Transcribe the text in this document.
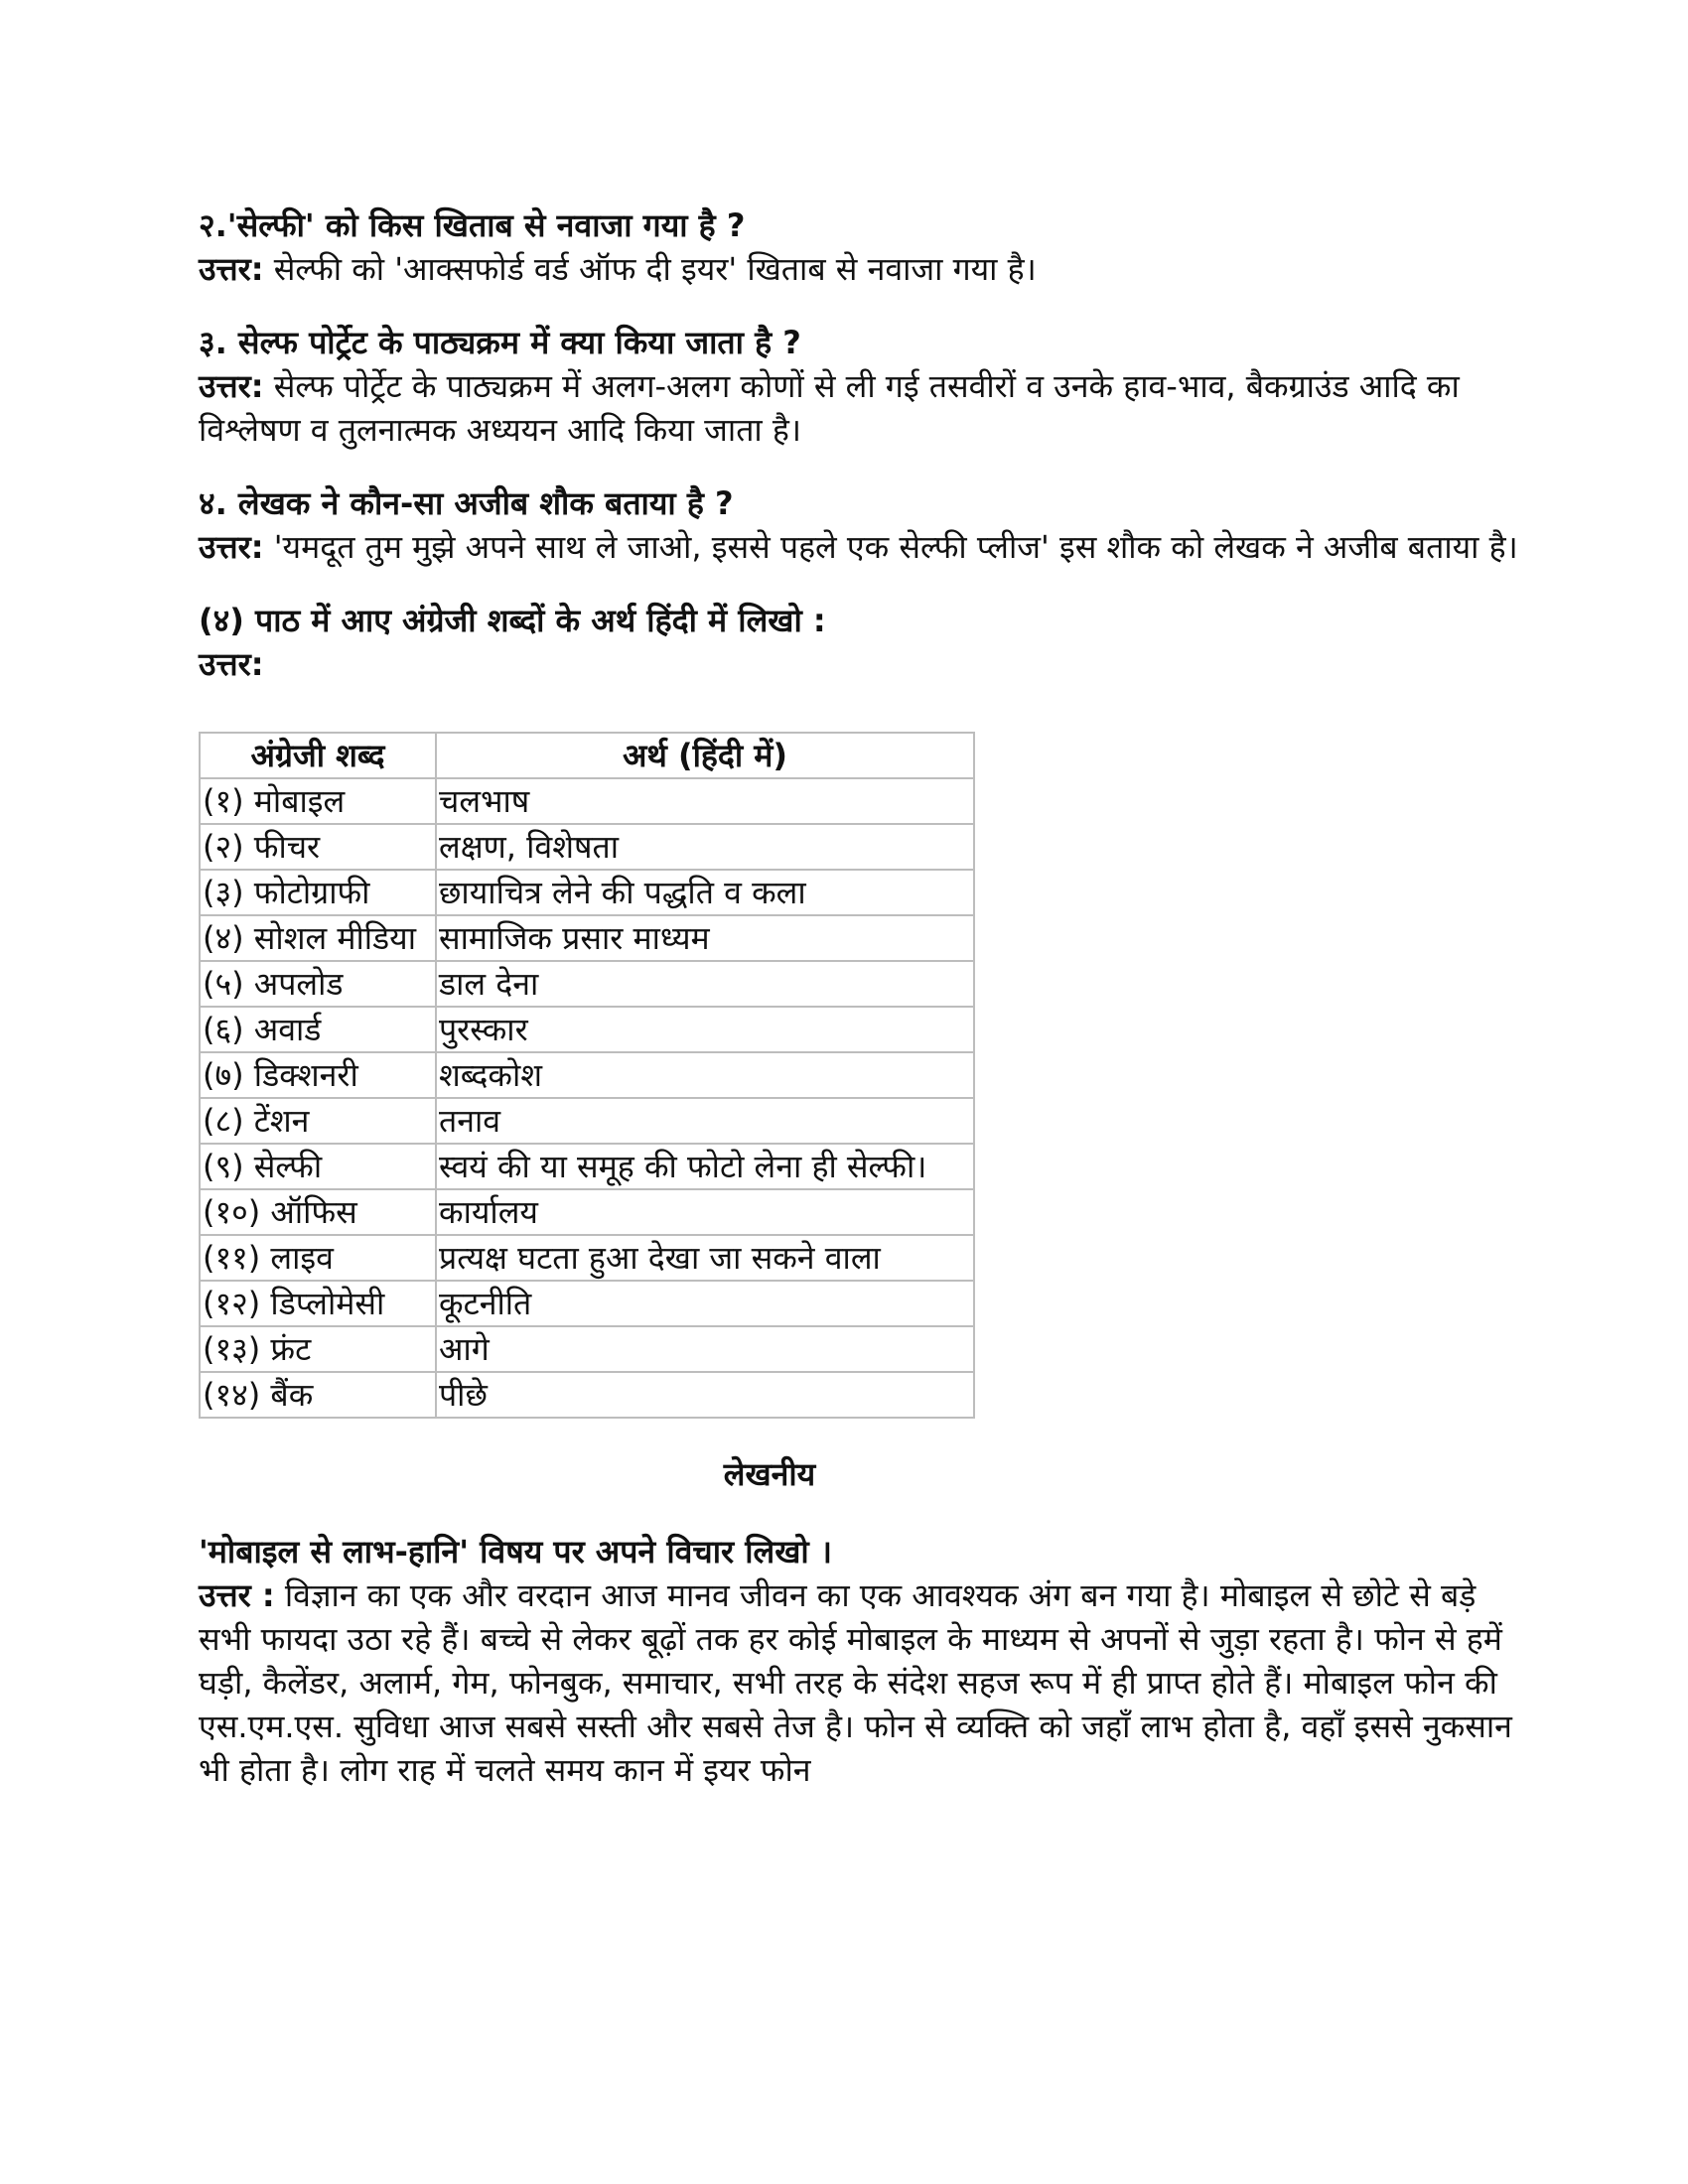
२.'सेल्फी' को किस खिताब से नवाजा गया है ?
उत्तर: सेल्फी को 'आक्सफोर्ड वर्ड ऑफ दी इयर' खिताब से नवाजा गया है।
३. सेल्फ पोर्ट्रेट के पाठ्यक्रम में क्या किया जाता है ?
उत्तर: सेल्फ पोर्ट्रेट के पाठ्यक्रम में अलग-अलग कोणों से ली गई तसवीरों व उनके हाव-भाव, बैकग्राउंड आदि का विश्लेषण व तुलनात्मक अध्ययन आदि किया जाता है।
४. लेखक ने कौन-सा अजीब शौक बताया है ?
उत्तर: 'यमदूत तुम मुझे अपने साथ ले जाओ, इससे पहले एक सेल्फी प्लीज' इस शौक को लेखक ने अजीब बताया है।
(४) पाठ में आए अंग्रेजी शब्दों के अर्थ हिंदी में लिखो :
उत्तर:
अंग्रेजी शब्द	अर्थ (हिंदी में)
(१) मोबाइल	चलभाष
(२) फीचर	लक्षण, विशेषता
(३) फोटोग्राफी	छायाचित्र लेने की पद्धति व कला
(४) सोशल मीडिया	सामाजिक प्रसार माध्यम
(५) अपलोड	डाल देना
(६) अवार्ड	पुरस्कार
(७) डिक्शनरी	शब्दकोश
(८) टेंशन	तनाव
(९) सेल्फी	स्वयं की या समूह की फोटो लेना ही सेल्फी।
(१०) ऑफिस	कार्यालय
(११) लाइव	प्रत्यक्ष घटता हुआ देखा जा सकने वाला
(१२) डिप्लोमेसी	कूटनीति
(१३) फ्रंट	आगे
(१४) बैंक	पीछे
लेखनीय
'मोबाइल से लाभ-हानि' विषय पर अपने विचार लिखो ।
उत्तर : विज्ञान का एक और वरदान आज मानव जीवन का एक आवश्यक अंग बन गया है। मोबाइल से छोटे से बड़े सभी फायदा उठा रहे हैं। बच्चे से लेकर बूढ़ों तक हर कोई मोबाइल के माध्यम से अपनों से जुड़ा रहता है। फोन से हमें घड़ी, कैलेंडर, अलार्म, गेम, फोनबुक, समाचार, सभी तरह के संदेश सहज रूप में ही प्राप्त होते हैं। मोबाइल फोन की एस.एम.एस. सुविधा आज सबसे सस्ती और सबसे तेज है। फोन से व्यक्ति को जहाँ लाभ होता है, वहाँ इससे नुकसान भी होता है। लोग राह में चलते समय कान में इयर फोन
